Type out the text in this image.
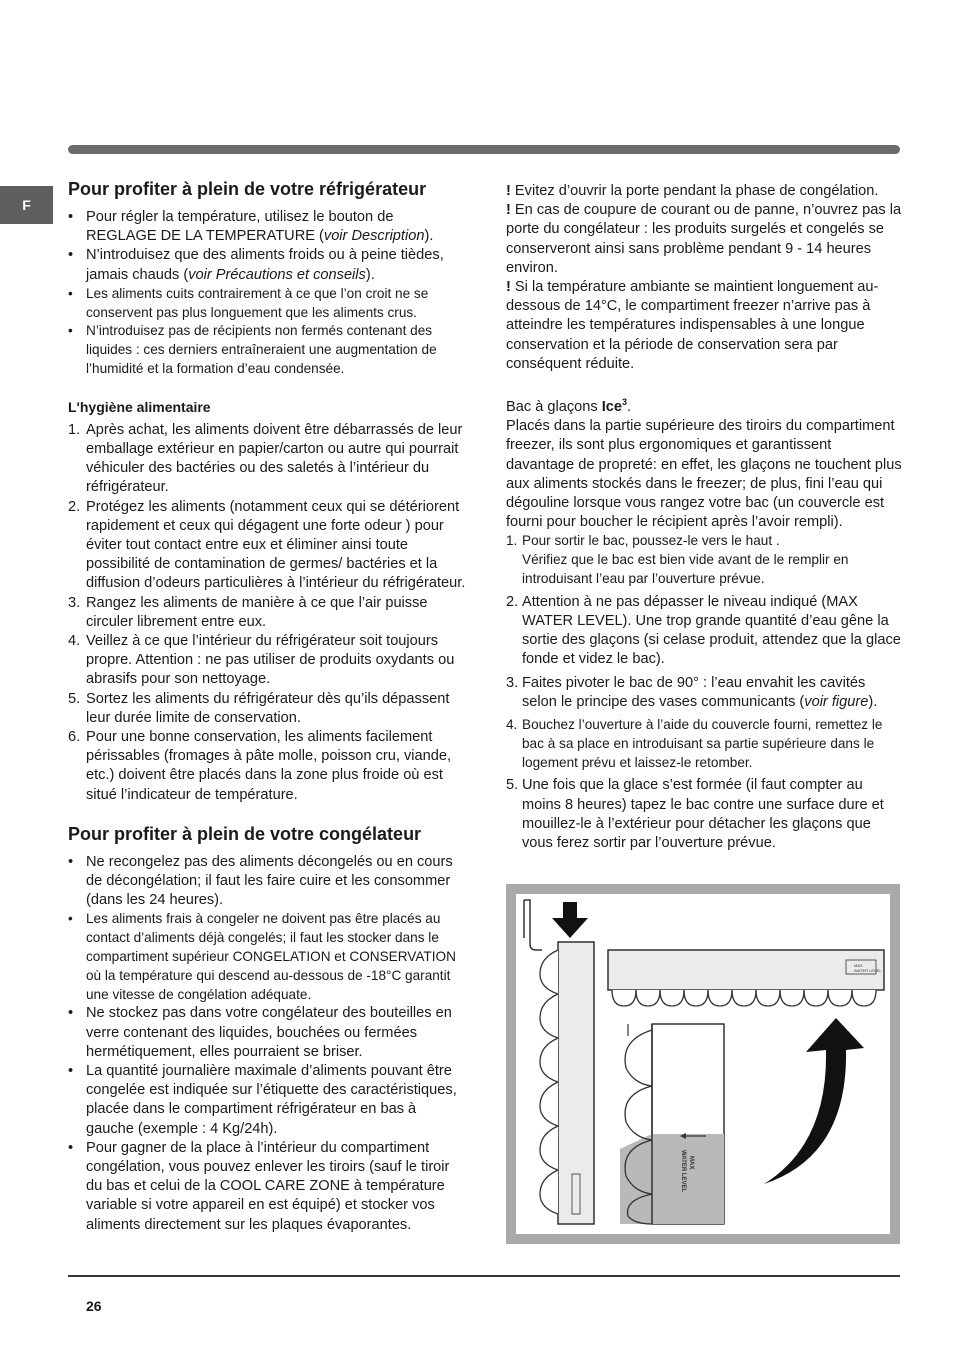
F
Pour profiter à plein de votre réfrigérateur
• Pour régler la température, utilisez le bouton de REGLAGE DE LA TEMPERATURE (voir Description).
• N’introduisez que des aliments froids ou à peine tièdes, jamais chauds (voir Précautions et conseils).
• Les aliments cuits contrairement à ce que l’on croit ne se conservent pas plus longuement que les aliments crus.
• N’introduisez pas de récipients non fermés contenant des liquides : ces derniers entraîneraient une augmentation de l’humidité et la formation d’eau condensée.
L'hygiène alimentaire
1. Après achat, les aliments doivent être débarrassés de leur emballage extérieur en papier/carton ou autre qui pourrait véhiculer des bactéries ou des saletés à l’intérieur du réfrigérateur.
2. Protégez les aliments (notamment ceux qui se détériorent rapidement et ceux qui dégagent une forte odeur ) pour éviter tout contact entre eux et éliminer ainsi toute possibilité de contamination de germes/ bactéries et la diffusion d’odeurs particulières à l’intérieur du réfrigérateur.
3. Rangez les aliments de manière à ce que l’air puisse circuler librement entre eux.
4. Veillez à ce que l’intérieur du réfrigérateur soit toujours propre. Attention : ne pas utiliser de produits oxydants ou abrasifs pour son nettoyage.
5. Sortez les aliments du réfrigérateur dès qu’ils dépassent leur durée limite de conservation.
6. Pour une bonne conservation, les aliments facilement périssables (fromages à pâte molle, poisson cru, viande, etc.) doivent être placés dans la zone plus froide où est situé l’indicateur de température.
Pour profiter à plein de votre congélateur
• Ne recongelez pas des aliments décongelés ou en cours de décongélation; il faut les faire cuire et les consommer (dans les 24 heures).
• Les aliments frais à congeler ne doivent pas être placés au contact d’aliments déjà congelés; il faut les stocker dans le compartiment supérieur CONGELATION et CONSERVATION où la température qui descend au-dessous de -18°C garantit une vitesse de congélation adéquate.
• Ne stockez pas dans votre congélateur des bouteilles en verre contenant des liquides, bouchées ou fermées hermétiquement, elles pourraient se briser.
• La quantité journalière maximale d’aliments pouvant être congelée est indiquée sur l’étiquette des caractéristiques, placée dans le compartiment réfrigérateur en bas à gauche (exemple : 4 Kg/24h).
• Pour gagner de la place à l’intérieur du compartiment congélation, vous pouvez enlever les tiroirs (sauf le tiroir du bas et celui de la COOL CARE ZONE à température variable si votre appareil en est équipé) et stocker vos aliments directement sur les plaques évaporantes.

! Evitez d’ouvrir la porte pendant la phase de congélation.

! En cas de coupure de courant ou de panne, n’ouvrez pas la porte du congélateur : les produits surgelés et congelés se conserveront ainsi sans problème pendant 9 - 14 heures environ.

! Si la température ambiante se maintient longuement au-dessous de 14°C, le compartiment freezer n’arrive pas à atteindre les températures indispensables à une longue conservation et la période de conservation sera par conséquent réduite.

Bac à glaçons Ice$^3$.

Placés dans la partie supérieure des tiroirs du compartiment freezer, ils sont plus ergonomiques et garantissent davantage de propreté: en effet, les glaçons ne touchent plus aux aliments stockés dans le freezer; de plus, fini l’eau qui dégouline lorsque vous rangez votre bac (un couvercle est fourni pour boucher le récipient après l’avoir rempli).

1. Pour sortir le bac, poussez-le vers le haut .
Vérifiez que le bac est bien vide avant de le remplir en introduisant l’eau par l’ouverture prévue.
2. Attention à ne pas dépasser le niveau indiqué (MAX WATER LEVEL). Une trop grande quantité d’eau gêne la sortie des glaçons (si celase produit, attendez que la glace fonde et videz le bac).
3. Faites pivoter le bac de 90° : l’eau envahit les cavités selon le principe des vases communicants (voir figure).
4. Bouchez l’ouverture à l’aide du couvercle fourni, remettez le bac à sa place en introduisant sa partie supérieure dans le logement prévu et laissez-le retomber.
5. Une fois que la glace s’est formée (il faut compter au moins 8 heures) tapez le bac contre une surface dure et mouillez-le à l’extérieur pour détacher les glaçons que vous ferez sortir par l’ouverture prévue.
MAX
WATER LEVEL
MAX
WATER LEVEL
26
